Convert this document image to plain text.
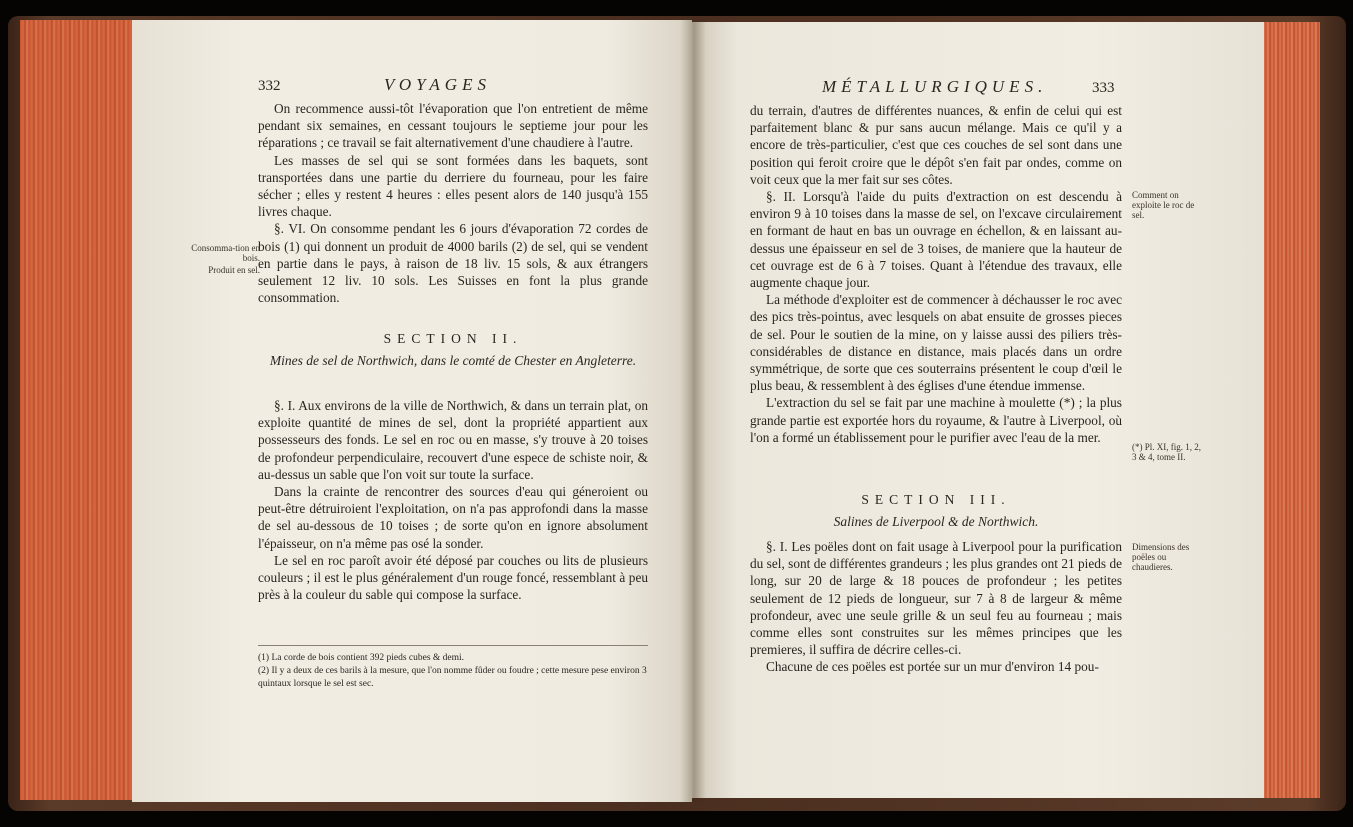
332	VOYAGES
Consomma-tion en bois.
Produit en sel.

On recommence aussi-tôt l'évaporation que l'on entretient de même pendant six semaines, en cessant toujours le septieme jour pour les réparations ; ce travail se fait alternativement d'une chaudiere à l'autre.

Les masses de sel qui se sont formées dans les baquets, sont transportées dans une partie du derriere du fourneau, pour les faire sécher ; elles y restent 4 heures : elles pesent alors de 140 jusqu'à 155 livres chaque.

§. VI. On consomme pendant les 6 jours d'évaporation 72 cordes de bois (1) qui donnent un produit de 4000 barils (2) de sel, qui se vendent en partie dans le pays, à raison de 18 liv. 15 sols, & aux étrangers seulement 12 liv. 10 sols. Les Suisses en font la plus grande consommation.

SECTION II.
Mines de sel de Northwich, dans le comté de Chester en Angleterre.

§. I. Aux environs de la ville de Northwich, & dans un terrain plat, on exploite quantité de mines de sel, dont la propriété appartient aux possesseurs des fonds. Le sel en roc ou en masse, s'y trouve à 20 toises de profondeur perpendiculaire, recouvert d'une espece de schiste noir, & au-dessus un sable que l'on voit sur toute la surface.

Dans la crainte de rencontrer des sources d'eau qui géneroient ou peut-être détruiroient l'exploitation, on n'a pas approfondi dans la masse de sel au-dessous de 10 toises ; de sorte qu'on en ignore absolument l'épaisseur, on n'a même pas osé la sonder.

Le sel en roc paroît avoir été déposé par couches ou lits de plusieurs couleurs ; il est le plus généralement d'un rouge foncé, ressemblant à peu près à la couleur du sable qui compose la surface.

(1) La corde de bois contient 392 pieds cubes & demi.
(2) Il y a deux de ces barils à la mesure, que l'on nomme fûder ou foudre ; cette mesure pese environ 3 quintaux lorsque le sel est sec.
MÉTALLURGIQUES.	333

du terrain, d'autres de différentes nuances, & enfin de celui qui est parfaitement blanc & pur sans aucun mélange. Mais ce qu'il y a encore de très-particulier, c'est que ces couches de sel sont dans une position qui feroit croire que le dépôt s'en fait par ondes, comme on voit ceux que la mer fait sur ses côtes.

§. II. Lorsqu'à l'aide du puits d'extraction on est descendu à environ 9 à 10 toises dans la masse de sel, on l'excave circulairement en formant de haut en bas un ouvrage en échellon, & en laissant au-dessus une épaisseur en sel de 3 toises, de maniere que la hauteur de cet ouvrage est de 6 à 7 toises. Quant à l'étendue des travaux, elle augmente chaque jour.

La méthode d'exploiter est de commencer à déchausser le roc avec des pics très-pointus, avec lesquels on abat ensuite de grosses pieces de sel. Pour le soutien de la mine, on y laisse aussi des piliers très-considérables de distance en distance, mais placés dans un ordre symmétrique, de sorte que ces souterrains présentent le coup d'œil le plus beau, & ressemblent à des églises d'une étendue immense.

L'extraction du sel se fait par une machine à moulette (*) ; la plus grande partie est exportée hors du royaume, & l'autre à Liverpool, où l'on a formé un établissement pour le purifier avec l'eau de la mer.

Comment on exploite le roc de sel.
(*) Pl. XI, fig. 1, 2, 3 & 4, tome II.
Dimensions des poëles ou chaudieres.
SECTION III.
Salines de Liverpool & de Northwich.

§. I. Les poëles dont on fait usage à Liverpool pour la purification du sel, sont de différentes grandeurs ; les plus grandes ont 21 pieds de long, sur 20 de large & 18 pouces de profondeur ; les petites seulement de 12 pieds de longueur, sur 7 à 8 de largeur & même profondeur, avec une seule grille & un seul feu au fourneau ; mais comme elles sont construites sur les mêmes principes que les premieres, il suffira de décrire celles-ci.

Chacune de ces poëles est portée sur un mur d'environ 14 pou-
